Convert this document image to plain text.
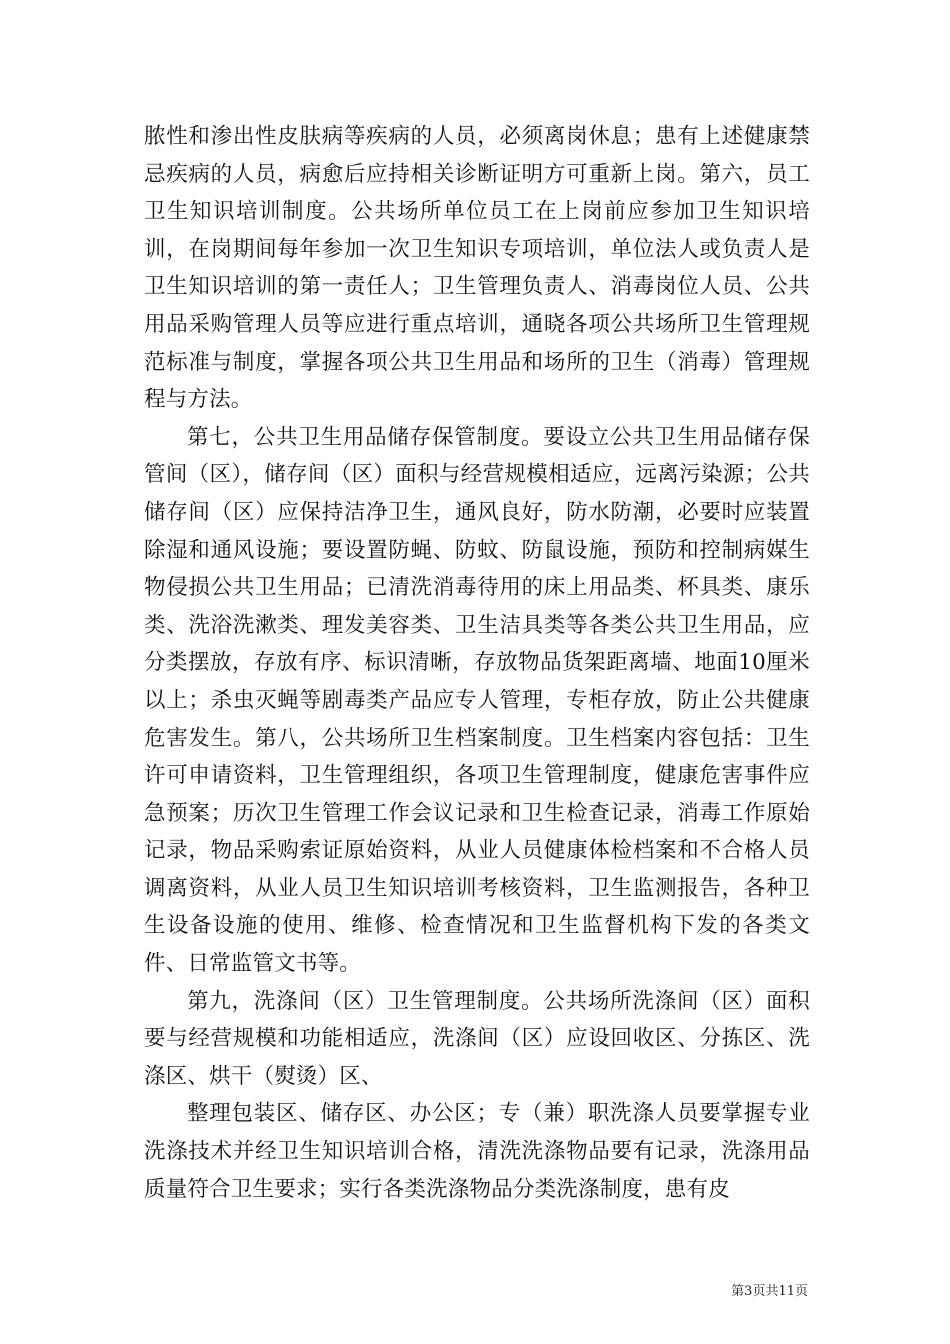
脓性和渗出性皮肤病等疾病的人员，必须离岗休息；患有上述健康禁忌疾病的人员，病愈后应持相关诊断证明方可重新上岗。第六，员工卫生知识培训制度。公共场所单位员工在上岗前应参加卫生知识培训，在岗期间每年参加一次卫生知识专项培训，单位法人或负责人是卫生知识培训的第一责任人；卫生管理负责人、消毒岗位人员、公共用品采购管理人员等应进行重点培训，通晓各项公共场所卫生管理规范标准与制度，掌握各项公共卫生用品和场所的卫生（消毒）管理规程与方法。

第七，公共卫生用品储存保管制度。要设立公共卫生用品储存保管间（区），储存间（区）面积与经营规模相适应，远离污染源；公共储存间（区）应保持洁净卫生，通风良好，防水防潮，必要时应装置除湿和通风设施；要设置防蝇、防蚊、防鼠设施，预防和控制病媒生物侵损公共卫生用品；已清洗消毒待用的床上用品类、杯具类、康乐类、洗浴洗漱类、理发美容类、卫生洁具类等各类公共卫生用品，应分类摆放，存放有序、标识清晰，存放物品货架距离墙、地面10厘米以上；杀虫灭蝇等剧毒类产品应专人管理，专柜存放，防止公共健康危害发生。第八，公共场所卫生档案制度。卫生档案内容包括：卫生许可申请资料，卫生管理组织，各项卫生管理制度，健康危害事件应急预案；历次卫生管理工作会议记录和卫生检查记录，消毒工作原始记录，物品采购索证原始资料，从业人员健康体检档案和不合格人员调离资料，从业人员卫生知识培训考核资料，卫生监测报告，各种卫生设备设施的使用、维修、检查情况和卫生监督机构下发的各类文件、日常监管文书等。

第九，洗涤间（区）卫生管理制度。公共场所洗涤间（区）面积要与经营规模和功能相适应，洗涤间（区）应设回收区、分拣区、洗涤区、烘干（熨烫）区、

整理包装区、储存区、办公区；专（兼）职洗涤人员要掌握专业洗涤技术并经卫生知识培训合格，清洗洗涤物品要有记录，洗涤用品质量符合卫生要求；实行各类洗涤物品分类洗涤制度，患有皮

第3页共11页
